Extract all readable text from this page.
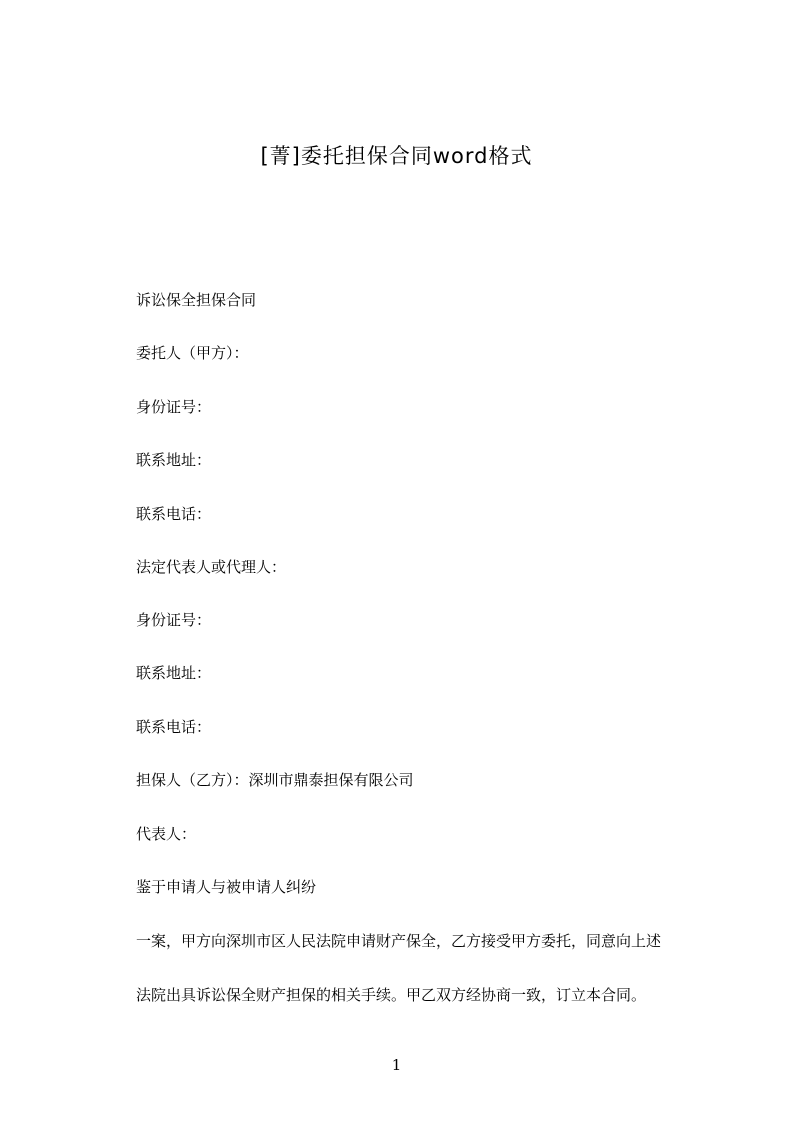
[菁]委托担保合同word格式
诉讼保全担保合同
委托人（甲方）：
身份证号：
联系地址：
联系电话：
法定代表人或代理人：
身份证号：
联系地址：
联系电话：
担保人（乙方）：深圳市鼎泰担保有限公司
代表人：
鉴于申请人与被申请人纠纷
一案，甲方向深圳市区人民法院申请财产保全，乙方接受甲方委托，同意向上述
法院出具诉讼保全财产担保的相关手续。甲乙双方经协商一致，订立本合同。
1
